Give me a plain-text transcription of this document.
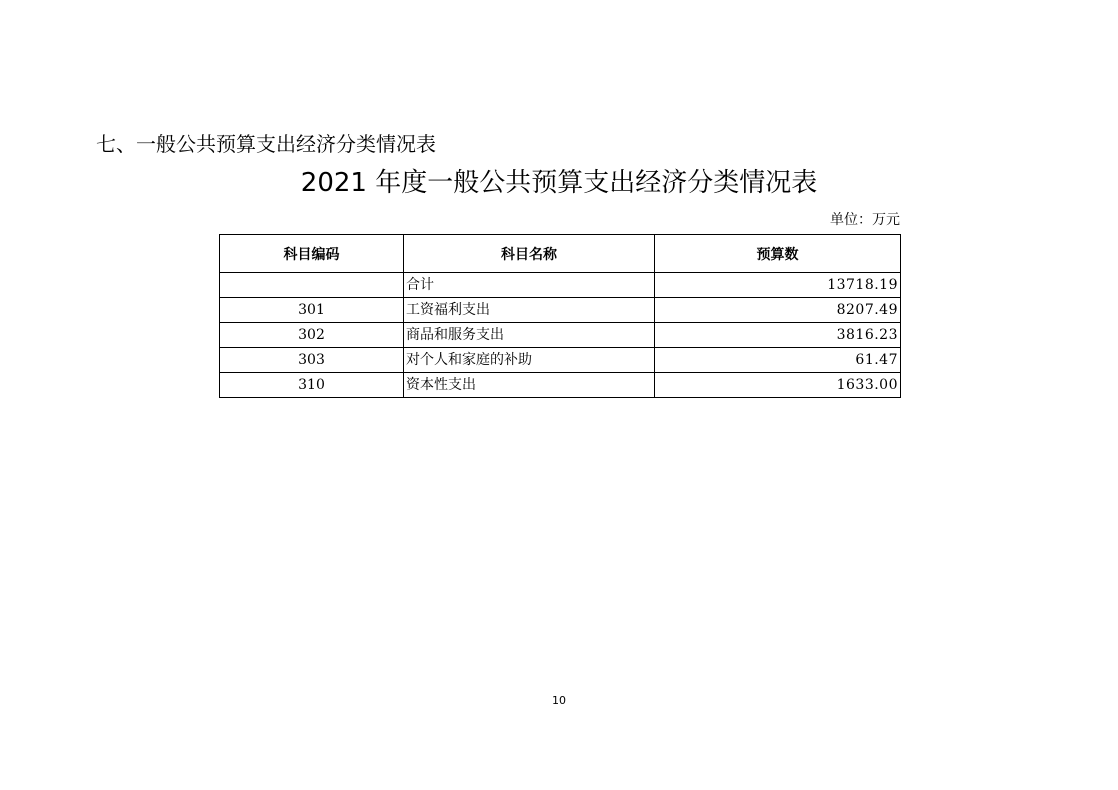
七、一般公共预算支出经济分类情况表
2021 年度一般公共预算支出经济分类情况表
单位：万元
科目编码	科目名称	预算数
	合计	13718.19
301	工资福利支出	8207.49
302	商品和服务支出	3816.23
303	对个人和家庭的补助	61.47
310	资本性支出	1633.00
10
